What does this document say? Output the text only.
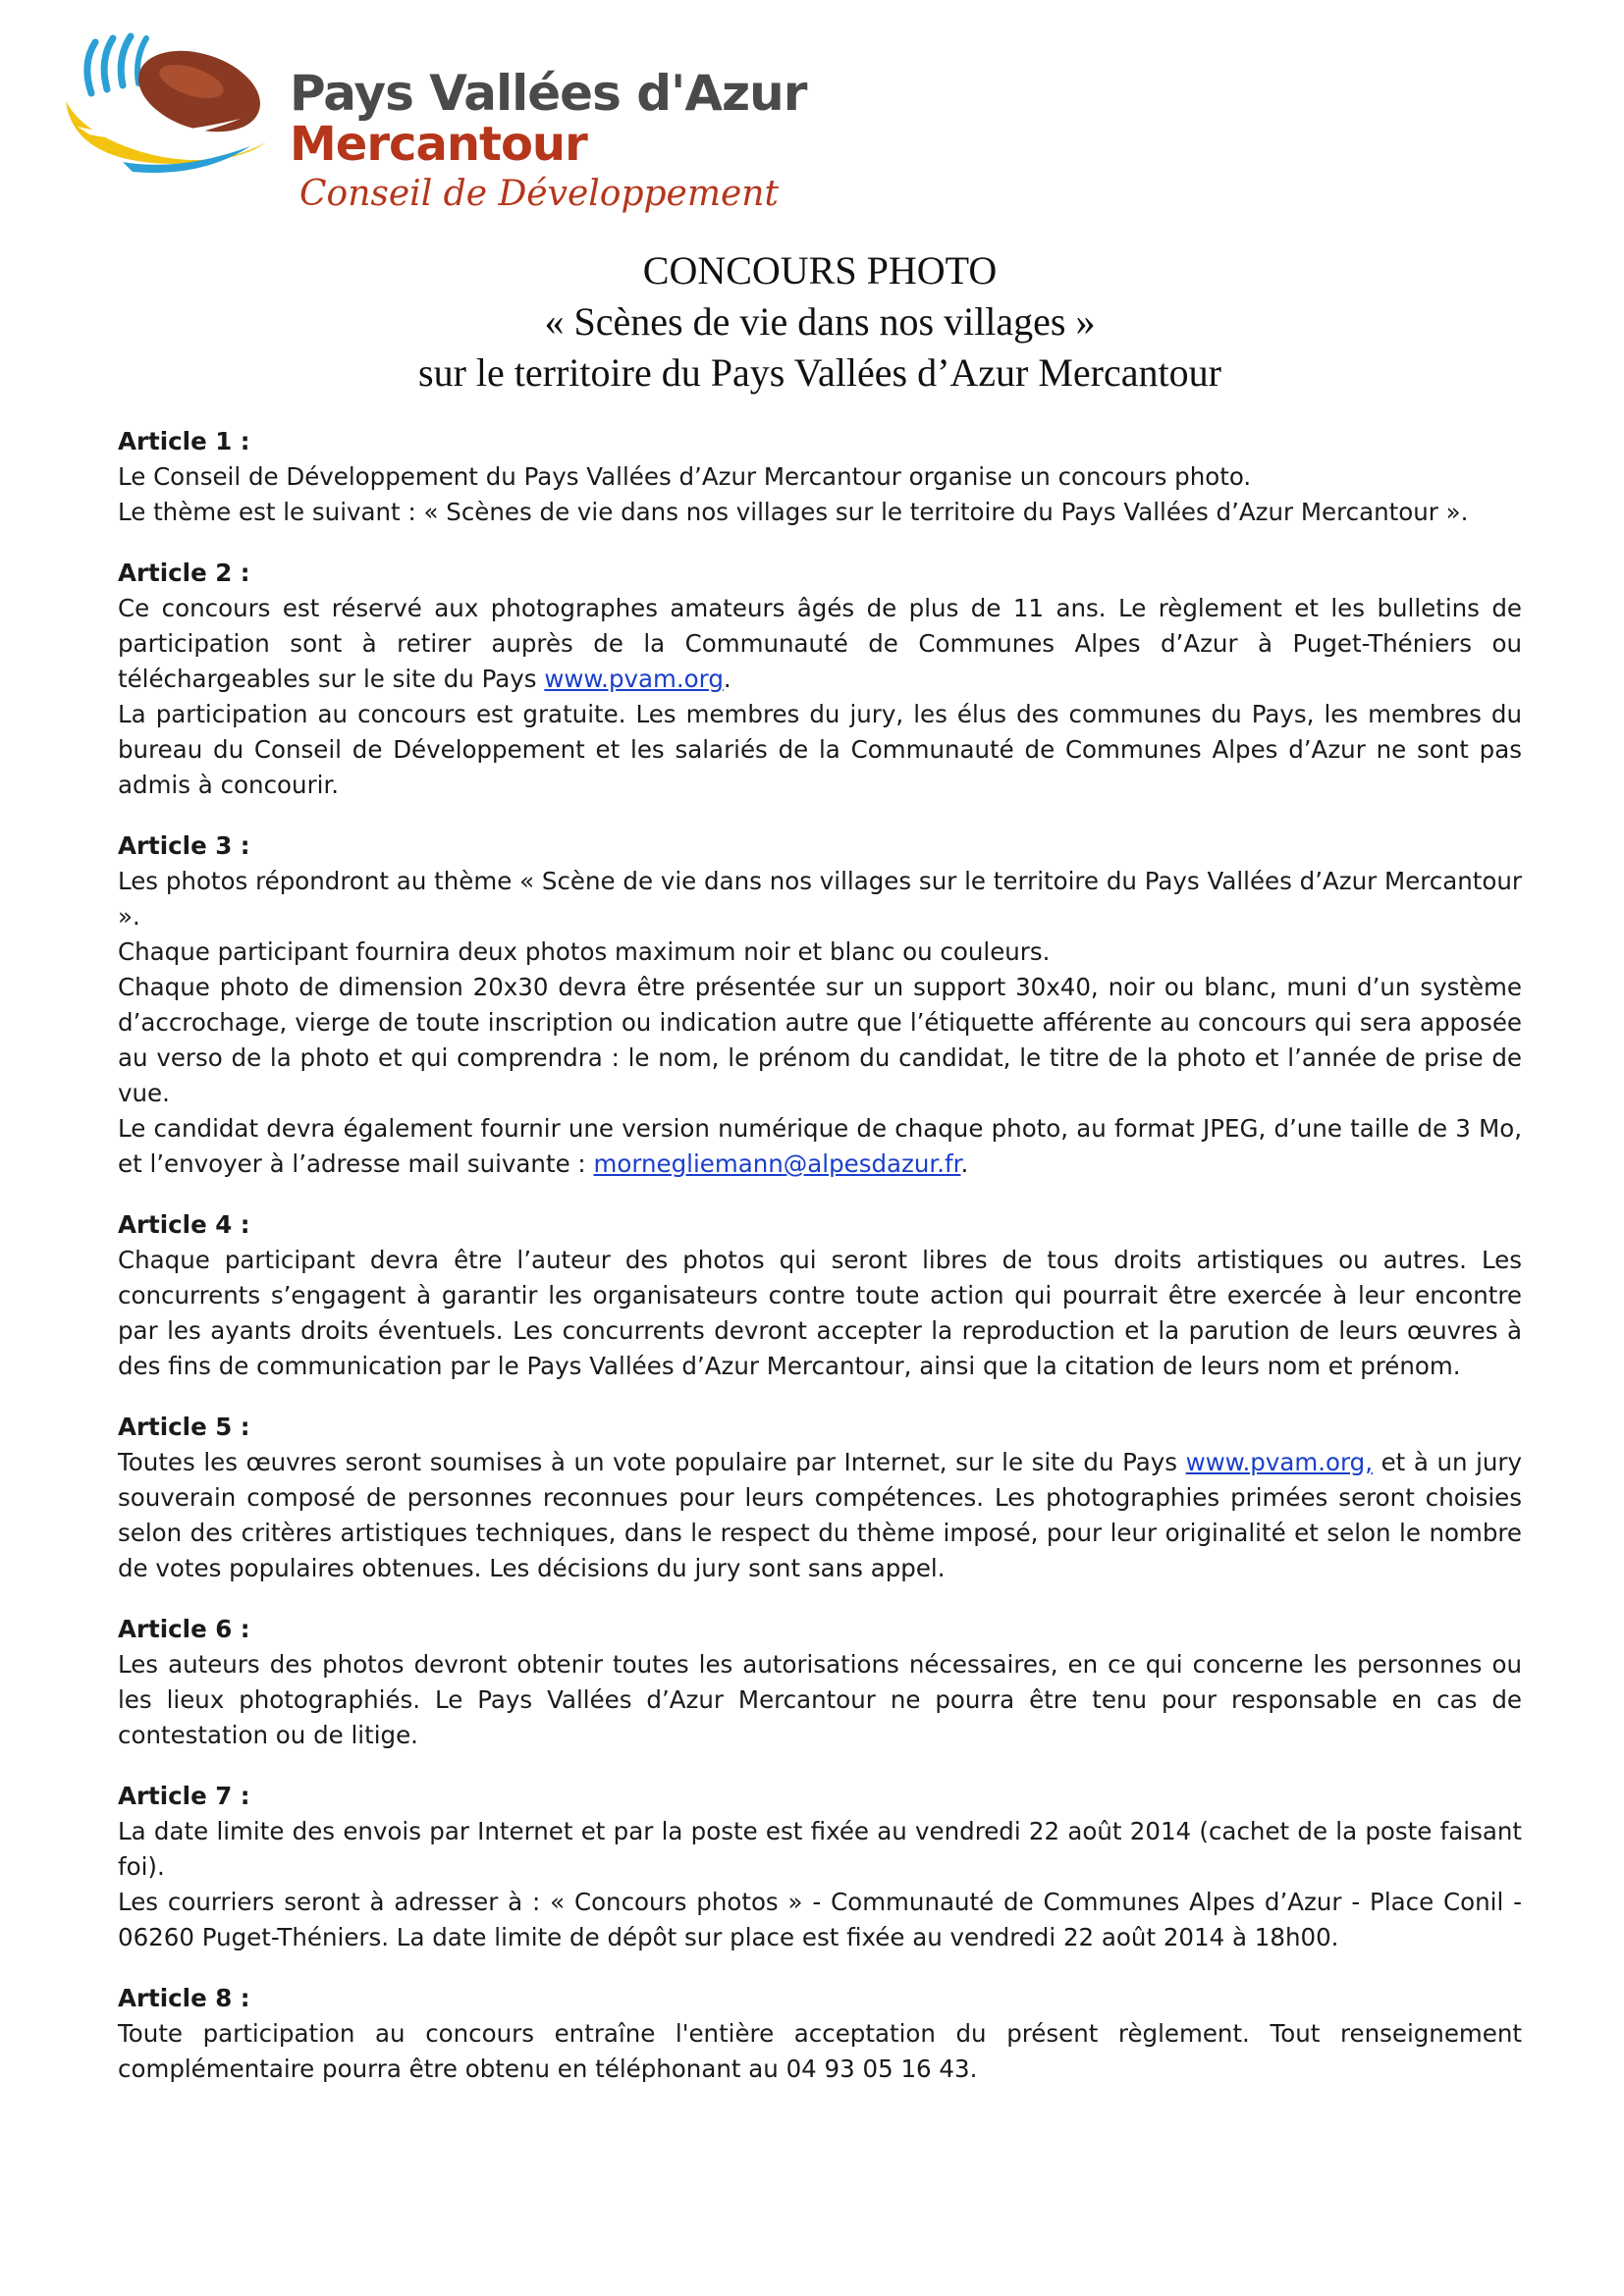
Pays Vallées d'Azur
Mercantour
Conseil de Développement
CONCOURS PHOTO
« Scènes de vie dans nos villages »
sur le territoire du Pays Vallées d’Azur Mercantour

Article 1 :

Le Conseil de Développement du Pays Vallées d’Azur Mercantour organise un concours photo.

Le thème est le suivant : « Scènes de vie dans nos villages sur le territoire du Pays Vallées d’Azur Mercantour ».

Article 2 :

Ce concours est réservé aux photographes amateurs âgés de plus de 11 ans. Le règlement et les bulletins de participation sont à retirer auprès de la Communauté de Communes Alpes d’Azur à Puget-Théniers ou téléchargeables sur le site du Pays www.pvam.org.

La participation au concours est gratuite. Les membres du jury, les élus des communes du Pays, les membres du bureau du Conseil de Développement et les salariés de la Communauté de Communes Alpes d’Azur ne sont pas admis à concourir.

Article 3 :

Les photos répondront au thème « Scène de vie dans nos villages sur le territoire du Pays Vallées d’Azur Mercantour ».

Chaque participant fournira deux photos maximum noir et blanc ou couleurs.

Chaque photo de dimension 20x30 devra être présentée sur un support 30x40, noir ou blanc, muni d’un système d’accrochage, vierge de toute inscription ou indication autre que l’étiquette afférente au concours qui sera apposée au verso de la photo et qui comprendra : le nom, le prénom du candidat, le titre de la photo et l’année de prise de vue.

Le candidat devra également fournir une version numérique de chaque photo, au format JPEG, d’une taille de 3 Mo, et l’envoyer à l’adresse mail suivante : mornegliemann@alpesdazur.fr.

Article 4 :

Chaque participant devra être l’auteur des photos qui seront libres de tous droits artistiques ou autres. Les concurrents s’engagent à garantir les organisateurs contre toute action qui pourrait être exercée à leur encontre par les ayants droits éventuels. Les concurrents devront accepter la reproduction et la parution de leurs œuvres à des fins de communication par le Pays Vallées d’Azur Mercantour, ainsi que la citation de leurs nom et prénom.

Article 5 :

Toutes les œuvres seront soumises à un vote populaire par Internet, sur le site du Pays www.pvam.org, et à un jury souverain composé de personnes reconnues pour leurs compétences. Les photographies primées seront choisies selon des critères artistiques techniques, dans le respect du thème imposé, pour leur originalité et selon le nombre de votes populaires obtenues. Les décisions du jury sont sans appel.

Article 6 :

Les auteurs des photos devront obtenir toutes les autorisations nécessaires, en ce qui concerne les personnes ou les lieux photographiés. Le Pays Vallées d’Azur Mercantour ne pourra être tenu pour responsable en cas de contestation ou de litige.

Article 7 :

La date limite des envois par Internet et par la poste est fixée au vendredi 22 août 2014 (cachet de la poste faisant foi).

Les courriers seront à adresser à : « Concours photos » - Communauté de Communes Alpes d’Azur - Place Conil - 06260 Puget-Théniers. La date limite de dépôt sur place est fixée au vendredi 22 août 2014 à 18h00.

Article 8 :

Toute participation au concours entraîne l'entière acceptation du présent règlement. Tout renseignement complémentaire pourra être obtenu en téléphonant au 04 93 05 16 43.
